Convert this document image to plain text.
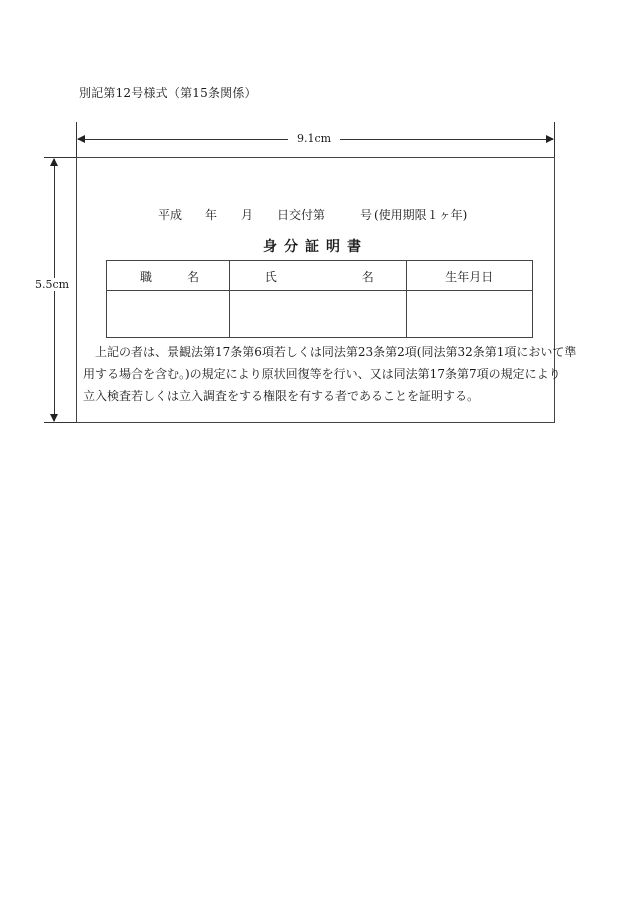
別記第12号様式（第15条関係）
9.1cm
5.5cm
平成 年 月 日交付第	号 (使用期限１ヶ年)
身分証明書
職 名	氏 名	生年月日

　上記の者は、景観法第17条第6項若しくは同法第23条第2項(同法第32条第1項において準
用する場合を含む。)の規定により原状回復等を行い、又は同法第17条第7項の規定により
立入検査若しくは立入調査をする権限を有する者であることを証明する。
